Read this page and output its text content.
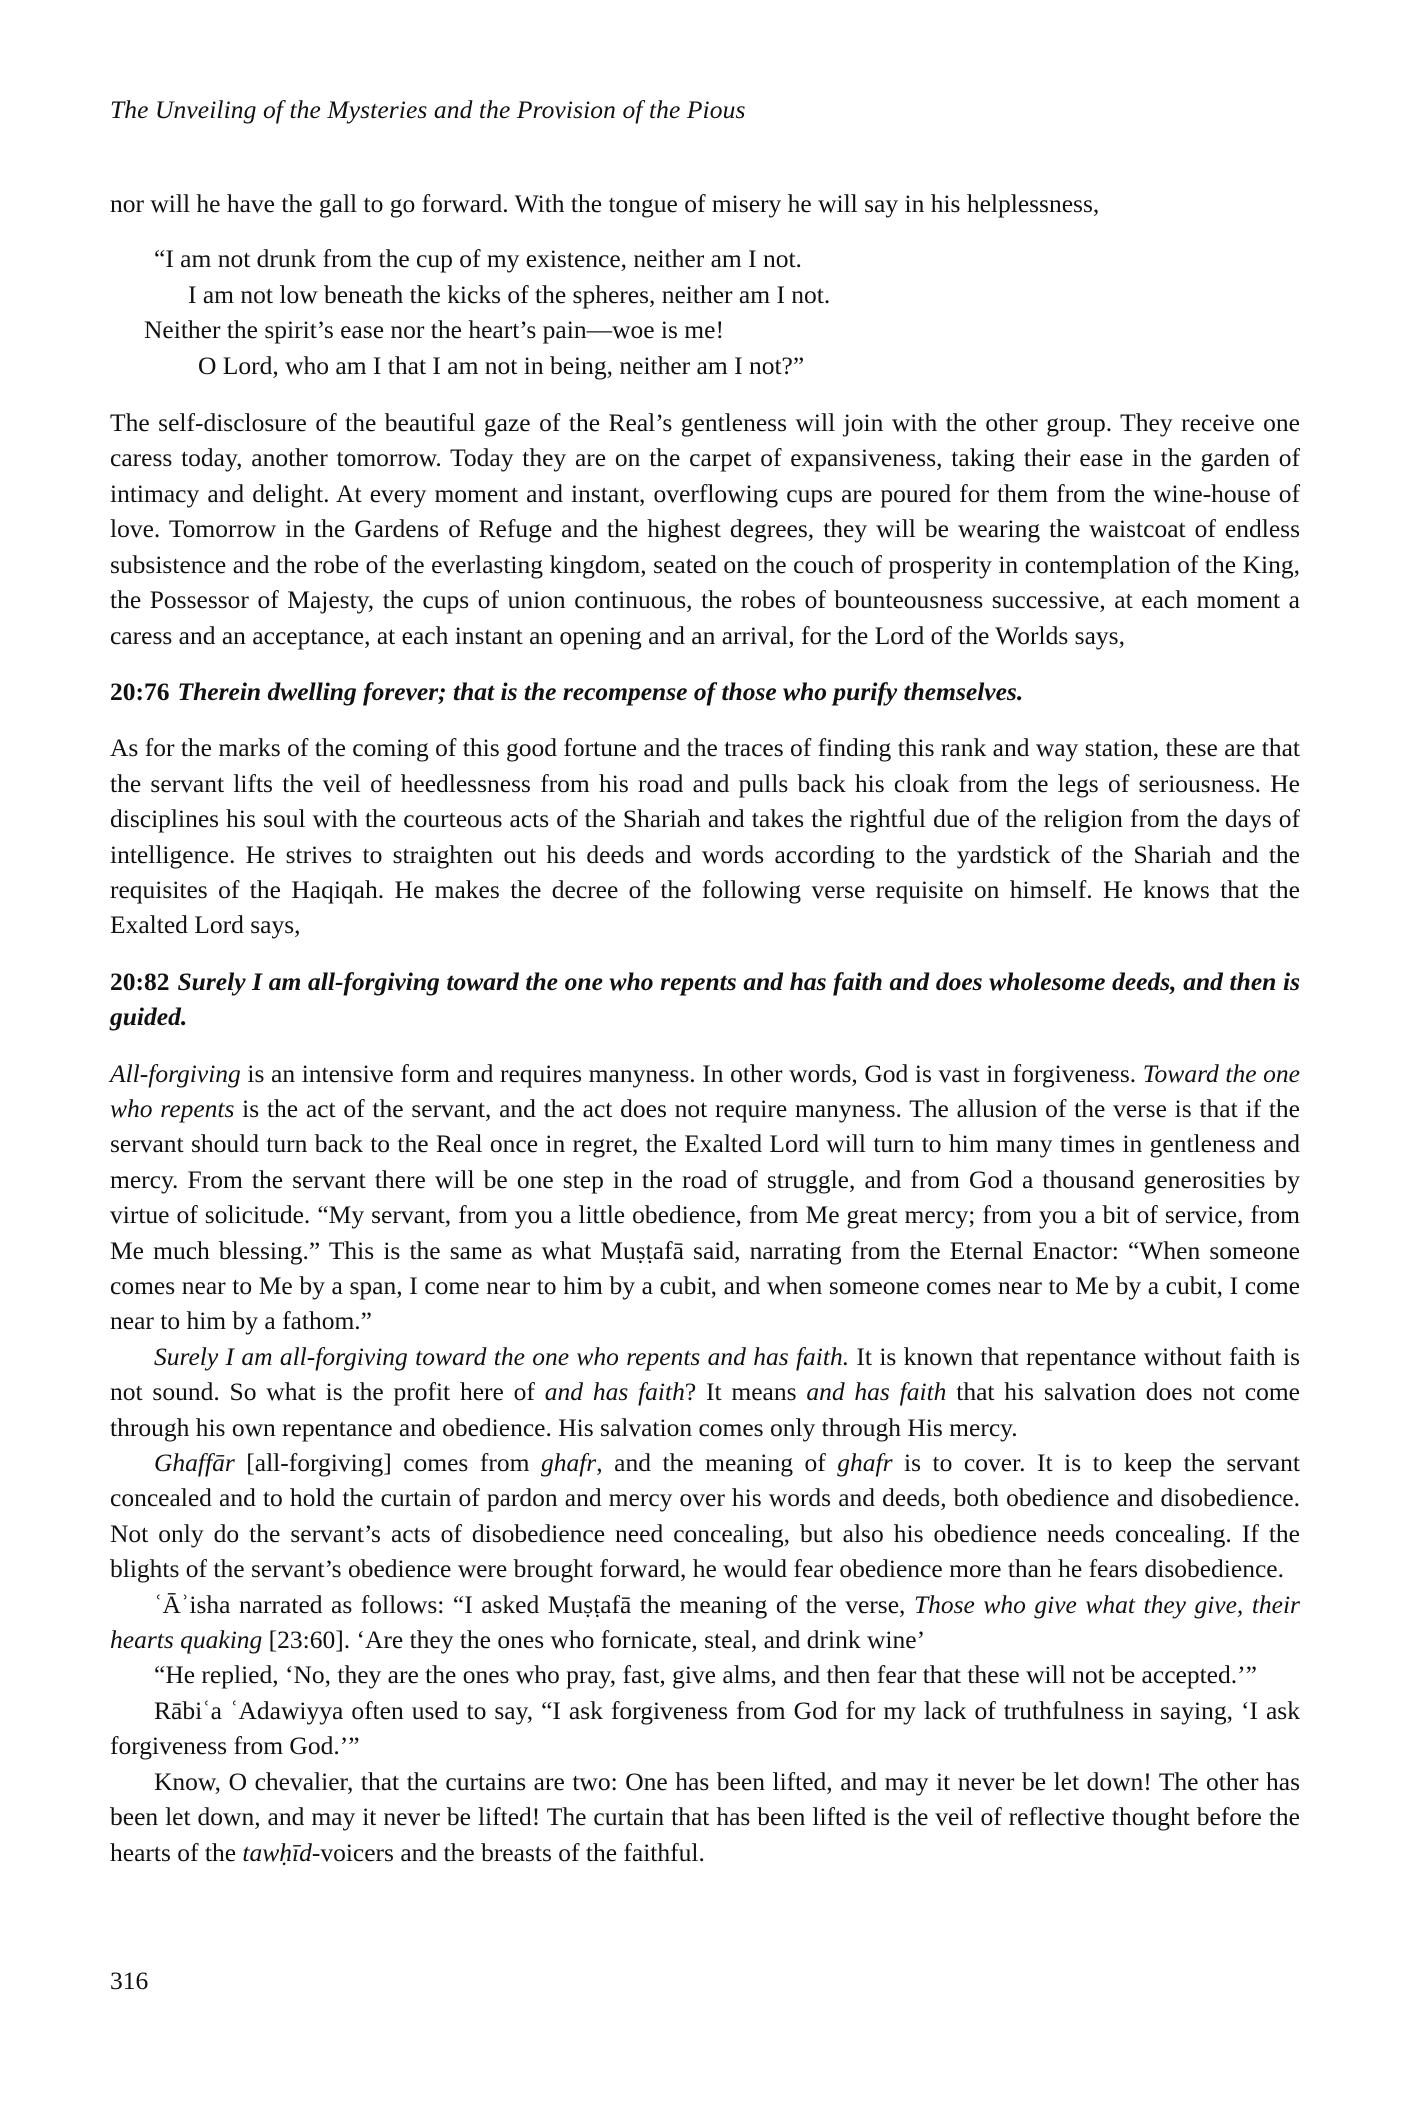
The Unveiling of the Mysteries and the Provision of the Pious

nor will he have the gall to go forward. With the tongue of misery he will say in his helplessness,

“I am not drunk from the cup of my existence, neither am I not.
I am not low beneath the kicks of the spheres, neither am I not.
Neither the spirit’s ease nor the heart’s pain—woe is me!
O Lord, who am I that I am not in being, neither am I not?”

The self-disclosure of the beautiful gaze of the Real’s gentleness will join with the other group. They receive one caress today, another tomorrow. Today they are on the carpet of expansiveness, taking their ease in the garden of intimacy and delight. At every moment and instant, overflowing cups are poured for them from the wine-house of love. Tomorrow in the Gardens of Refuge and the highest degrees, they will be wearing the waistcoat of endless subsistence and the robe of the everlasting kingdom, seated on the couch of prosperity in contemplation of the King, the Possessor of Majesty, the cups of union continuous, the robes of bounteousness successive, at each moment a caress and an acceptance, at each instant an opening and an arrival, for the Lord of the Worlds says,

20:76 Therein dwelling forever; that is the recompense of those who purify themselves.

As for the marks of the coming of this good fortune and the traces of finding this rank and way station, these are that the servant lifts the veil of heedlessness from his road and pulls back his cloak from the legs of seriousness. He disciplines his soul with the courteous acts of the Shariah and takes the rightful due of the religion from the days of intelligence. He strives to straighten out his deeds and words according to the yardstick of the Shariah and the requisites of the Haqiqah. He makes the decree of the following verse requisite on himself. He knows that the Exalted Lord says,

20:82 Surely I am all-forgiving toward the one who repents and has faith and does wholesome deeds, and then is guided.

All-forgiving is an intensive form and requires manyness. In other words, God is vast in forgiveness. Toward the one who repents is the act of the servant, and the act does not require manyness. The allusion of the verse is that if the servant should turn back to the Real once in regret, the Exalted Lord will turn to him many times in gentleness and mercy. From the servant there will be one step in the road of struggle, and from God a thousand generosities by virtue of solicitude. “My servant, from you a little obedience, from Me great mercy; from you a bit of service, from Me much blessing.” This is the same as what Muṣṭafā said, narrating from the Eternal Enactor: “When someone comes near to Me by a span, I come near to him by a cubit, and when someone comes near to Me by a cubit, I come near to him by a fathom.”

Surely I am all-forgiving toward the one who repents and has faith. It is known that repentance without faith is not sound. So what is the profit here of and has faith? It means and has faith that his salvation does not come through his own repentance and obedience. His salvation comes only through His mercy.

Ghaffār [all-forgiving] comes from ghafr, and the meaning of ghafr is to cover. It is to keep the servant concealed and to hold the curtain of pardon and mercy over his words and deeds, both obedience and disobedience. Not only do the servant’s acts of disobedience need concealing, but also his obedience needs concealing. If the blights of the servant’s obedience were brought forward, he would fear obedience more than he fears disobedience.

ʿĀʾisha narrated as follows: “I asked Muṣṭafā the meaning of the verse, Those who give what they give, their hearts quaking [23:60]. ‘Are they the ones who fornicate, steal, and drink wine’

“He replied, ‘No, they are the ones who pray, fast, give alms, and then fear that these will not be accepted.’”

Rābiʿa ʿAdawiyya often used to say, “I ask forgiveness from God for my lack of truthfulness in saying, ‘I ask forgiveness from God.’”

Know, O chevalier, that the curtains are two: One has been lifted, and may it never be let down! The other has been let down, and may it never be lifted! The curtain that has been lifted is the veil of reflective thought before the hearts of the tawḥīd-voicers and the breasts of the faithful.

316
